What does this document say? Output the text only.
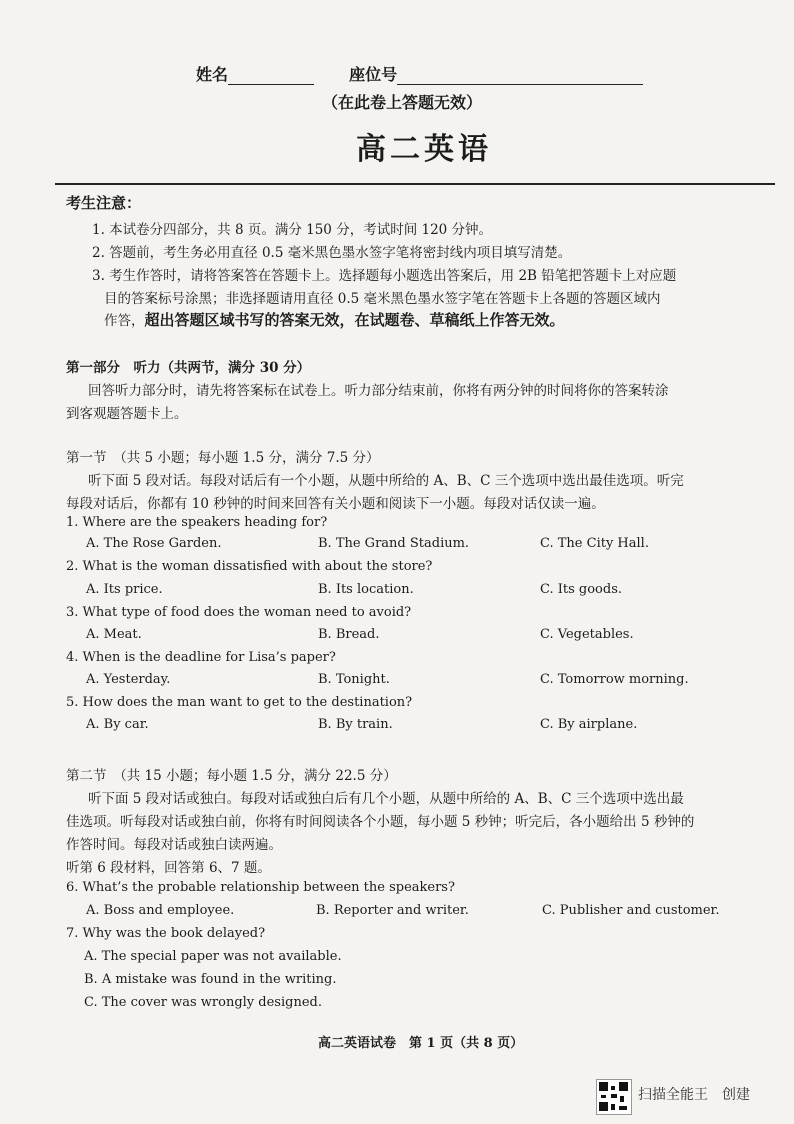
姓名	座位号
（在此卷上答题无效）
高二英语
考生注意：
1. 本试卷分四部分，共 8 页。满分 150 分，考试时间 120 分钟。
2. 答题前，考生务必用直径 0.5 毫米黑色墨水签字笔将密封线内项目填写清楚。
3. 考生作答时，请将答案答在答题卡上。选择题每小题选出答案后，用 2B 铅笔把答题卡上对应题
目的答案标号涂黑；非选择题请用直径 0.5 毫米黑色墨水签字笔在答题卡上各题的答题区域内
作答，超出答题区域书写的答案无效，在试题卷、草稿纸上作答无效。
第一部分　听力（共两节，满分 30 分）
回答听力部分时，请先将答案标在试卷上。听力部分结束前，你将有两分钟的时间将你的答案转涂
到客观题答题卡上。
第一节　（共 5 小题；每小题 1.5 分，满分 7.5 分）
听下面 5 段对话。每段对话后有一个小题，从题中所给的 A、B、C 三个选项中选出最佳选项。听完
每段对话后，你都有 10 秒钟的时间来回答有关小题和阅读下一小题。每段对话仅读一遍。
1. Where are the speakers heading for?
A. The Rose Garden.	B. The Grand Stadium.	C. The City Hall.
2. What is the woman dissatisfied with about the store?
A. Its price.	B. Its location.	C. Its goods.
3. What type of food does the woman need to avoid?
A. Meat.	B. Bread.	C. Vegetables.
4. When is the deadline for Lisa’s paper?
A. Yesterday.	B. Tonight.	C. Tomorrow morning.
5. How does the man want to get to the destination?
A. By car.	B. By train.	C. By airplane.
第二节　（共 15 小题；每小题 1.5 分，满分 22.5 分）
听下面 5 段对话或独白。每段对话或独白后有几个小题，从题中所给的 A、B、C 三个选项中选出最
佳选项。听每段对话或独白前，你将有时间阅读各个小题，每小题 5 秒钟；听完后，各小题给出 5 秒钟的
作答时间。每段对话或独白读两遍。
听第 6 段材料，回答第 6、7 题。
6. What’s the probable relationship between the speakers?
A. Boss and employee.	B. Reporter and writer.	C. Publisher and customer.
7. Why was the book delayed?
A. The special paper was not available.
B. A mistake was found in the writing.
C. The cover was wrongly designed.
高二英语试卷　第 1 页（共 8 页）
扫描全能王　创建
